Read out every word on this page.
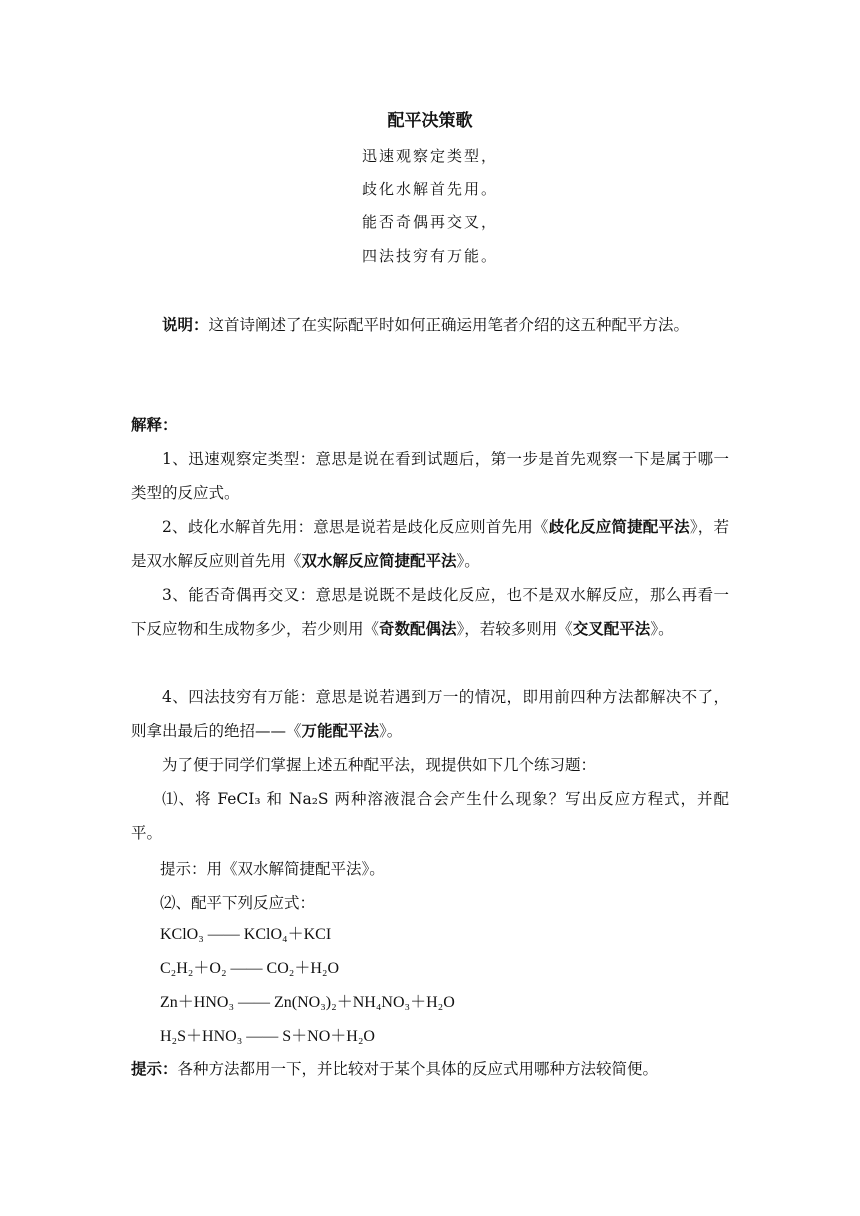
配平决策歌
迅速观察定类型，
歧化水解首先用。
能否奇偶再交叉，
四法技穷有万能。
说明：这首诗阐述了在实际配平时如何正确运用笔者介绍的这五种配平方法。
解释：
1、迅速观察定类型：意思是说在看到试题后，第一步是首先观察一下是属于哪一类型的反应式。
2、歧化水解首先用：意思是说若是歧化反应则首先用《歧化反应简捷配平法》，若是双水解反应则首先用《双水解反应简捷配平法》。
3、能否奇偶再交叉：意思是说既不是歧化反应，也不是双水解反应，那么再看一下反应物和生成物多少，若少则用《奇数配偶法》，若较多则用《交叉配平法》。
4、四法技穷有万能：意思是说若遇到万一的情况，即用前四种方法都解决不了，则拿出最后的绝招——《万能配平法》。
为了便于同学们掌握上述五种配平法，现提供如下几个练习题：
⑴、将 FeCI₃ 和 Na₂S 两种溶液混合会产生什么现象？写出反应方程式，并配平。
提示：用《双水解简捷配平法》。
⑵、配平下列反应式：
KClO₃ —— KClO₄＋KCI
C₂H₂＋O₂ —— CO₂＋H₂O
Zn＋HNO₃ —— Zn(NO₃)₂＋NH₄NO₃＋H₂O
H₂S＋HNO₃ —— S＋NO＋H₂O
提示：各种方法都用一下，并比较对于某个具体的反应式用哪种方法较简便。
